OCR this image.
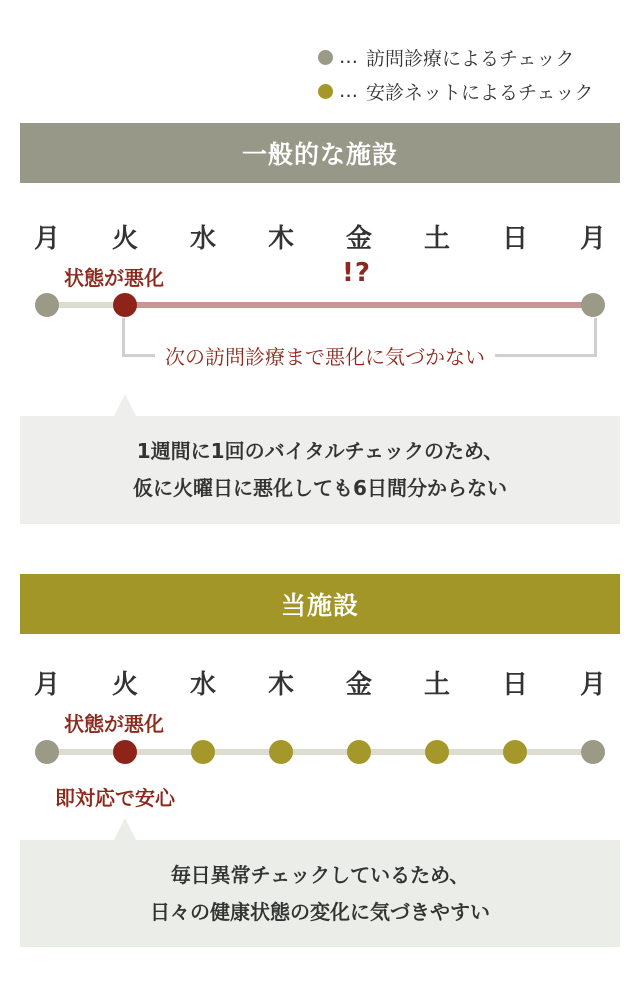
… 訪問診療によるチェック
… 安診ネットによるチェック
一般的な施設
月	火	水	木	金	土	日	月
状態が悪化	!?
次の訪問診療まで悪化に気づかない
1週間に1回のバイタルチェックのため、
仮に火曜日に悪化しても6日間分からない
当施設
月	火	水	木	金	土	日	月
状態が悪化
即対応で安心
毎日異常チェックしているため、
日々の健康状態の変化に気づきやすい
